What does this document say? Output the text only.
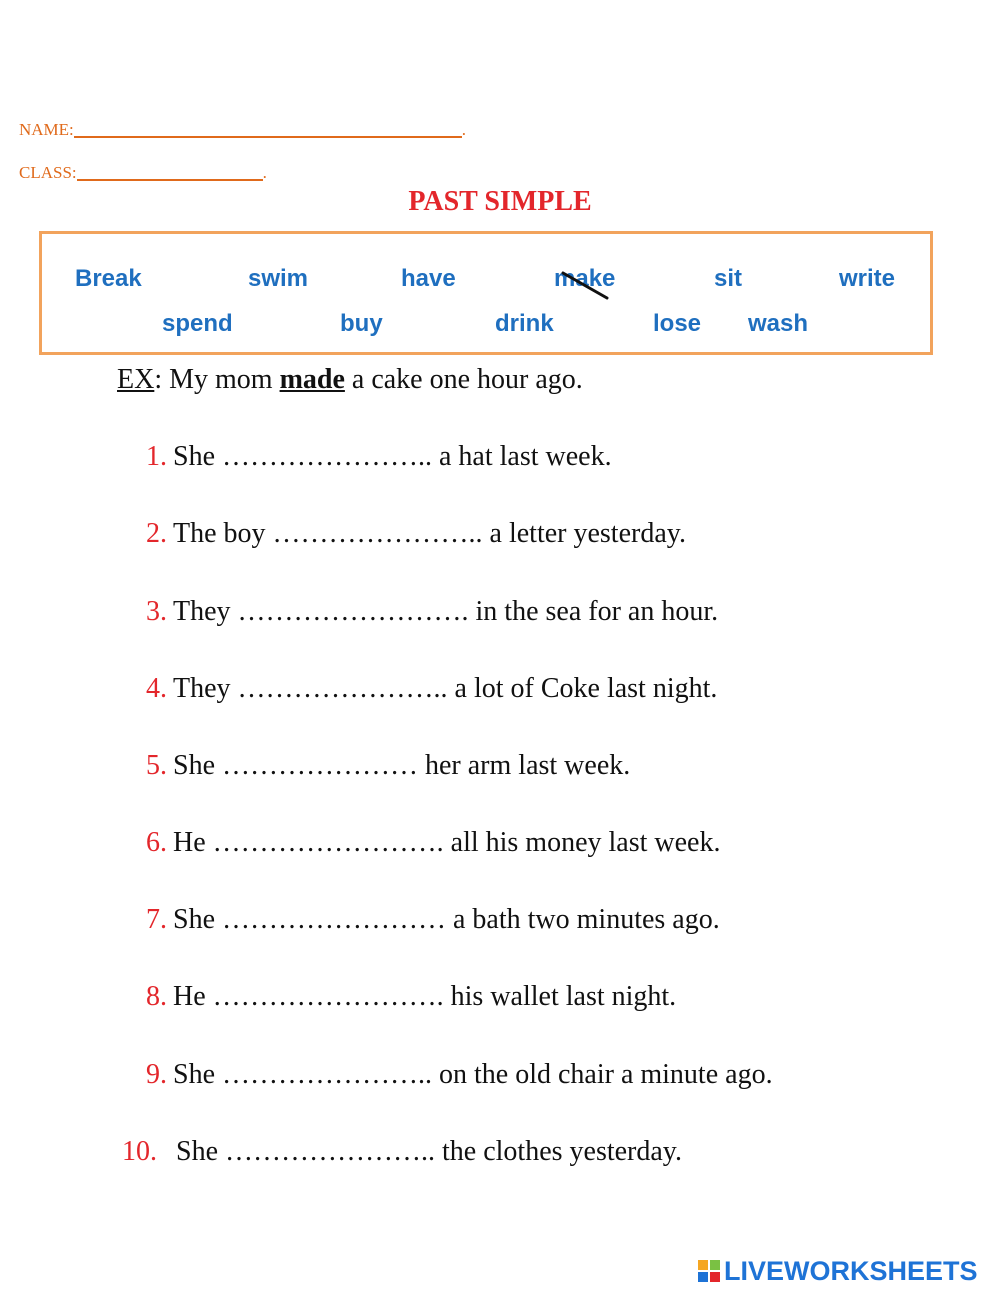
NAME:	.
CLASS:	.
PAST SIMPLE
Break	swim	have	make	sit	write
spend	buy	drink	lose wash
EX: My mom made a cake one hour ago.
1. She ………………….. a hat last week.
2. The boy ………………….. a letter yesterday.
3. They ……………………. in the sea for an hour.
4. They ………………….. a lot of Coke last night.
5. She ………………… her arm last week.
6. He ……………………. all his money last week.
7. She …………………… a bath two minutes ago.
8. He ……………………. his wallet last night.
9. She ………………….. on the old chair a minute ago.
10. She ………………….. the clothes yesterday.
LIVEWORKSHEETS
